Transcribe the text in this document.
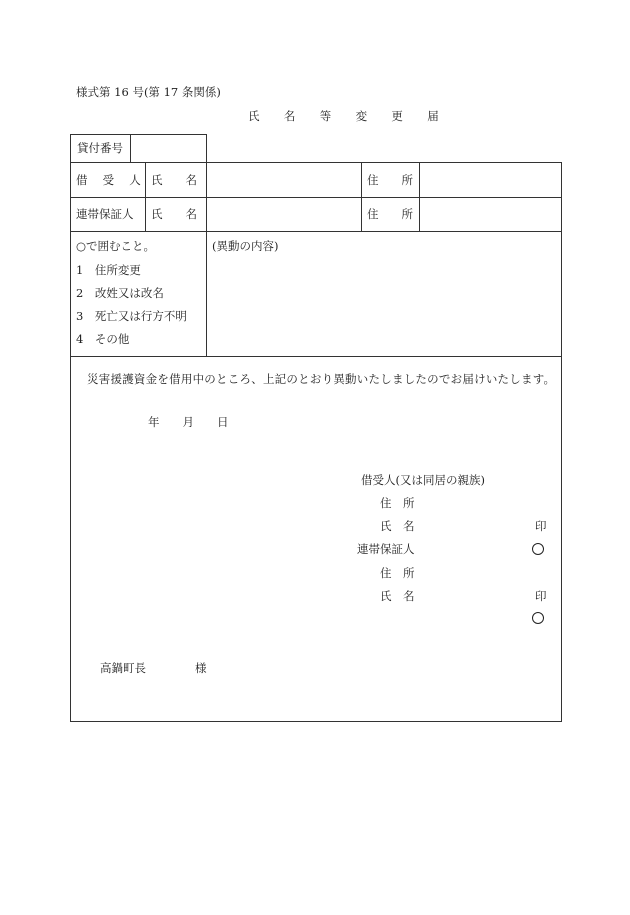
様式第 16 号(第 17 条関係)
氏 名 等 変 更 届
貸付番号
借 受 人 氏　　名	住　　所
連帯保証人 氏　　名	住　　所
○で囲むこと。
1　住所変更
2　改姓又は改名
3　死亡又は行方不明
4　その他
(異動の内容)
災害援護資金を借用中のところ、上記のとおり異動いたしましたのでお届けいたします。
年　　月　　日
借受人(又は同居の親族)
住　所
氏　名	印
連帯保証人
住　所
氏　名	印
高鍋町長	様
